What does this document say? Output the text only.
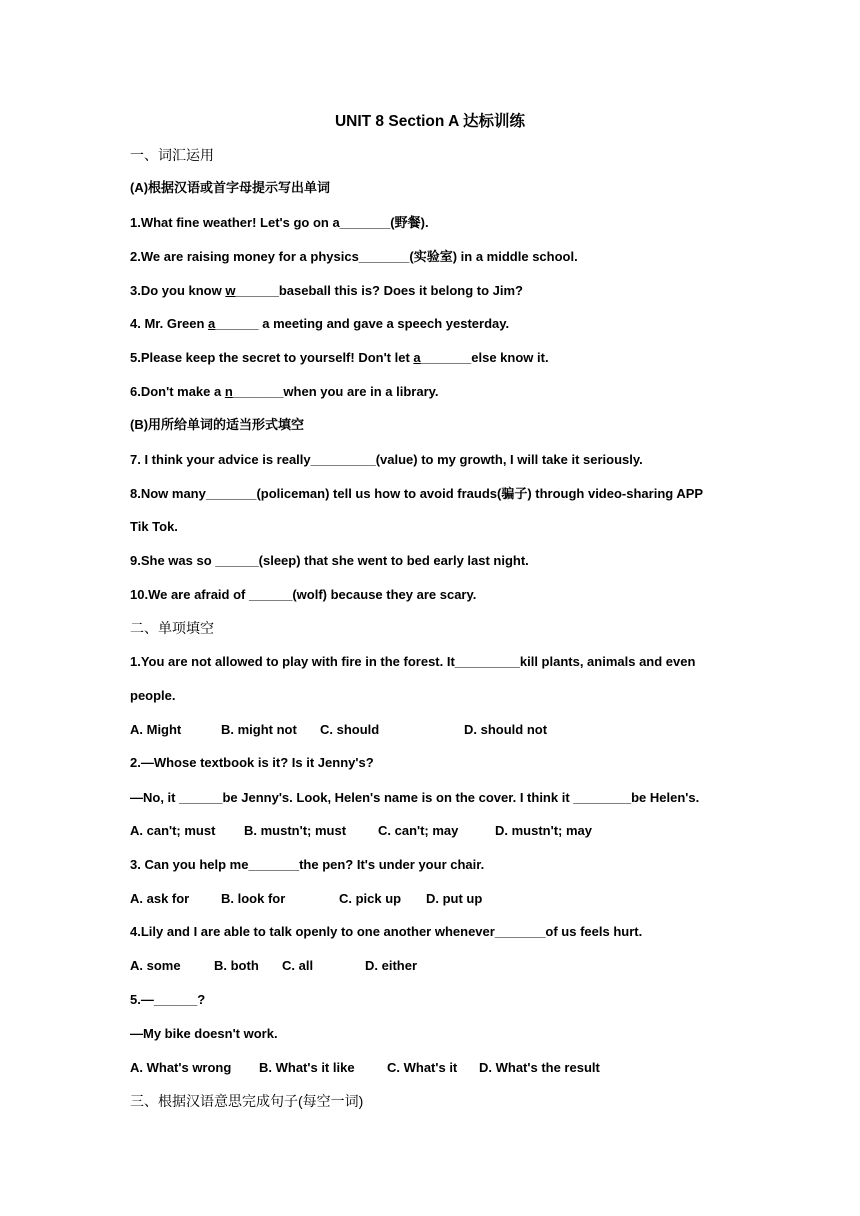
UNIT 8 Section A 达标训练
一、词汇运用
(A)根据汉语或首字母提示写出单词
1.What fine weather! Let's go on a_______(野餐).
2.We are raising money for a physics_______(实验室) in a middle school.
3.Do you know w______baseball this is? Does it belong to Jim?
4. Mr. Green a______ a meeting and gave a speech yesterday.
5.Please keep the secret to yourself! Don't let a_______else know it.
6.Don't make a n_______when you are in a library.
(B)用所给单词的适当形式填空
7. I think your advice is really_________(value) to my growth, I will take it seriously.
8.Now many_______(policeman) tell us how to avoid frauds(骗子) through video-sharing APP
Tik Tok.
9.She was so ______(sleep) that she went to bed early last night.
10.We are afraid of ______(wolf) because they are scary.
二、单项填空
1.You are not allowed to play with fire in the forest. It_________kill plants, animals and even
people.
A. Might	B. might not C. should	D. should not
2.—Whose textbook is it? Is it Jenny's?
—No, it ______be Jenny's. Look, Helen's name is on the cover. I think it ________be Helen's.
A. can't; must B. mustn't; must C. can't; may	D. mustn't; may
3. Can you help me_______the pen? It's under your chair.
A. ask for B. look for	C. pick up D. put up
4.Lily and I are able to talk openly to one another whenever_______of us feels hurt.
A. some	B. both C. all	D. either
5.—______?
—My bike doesn't work.
A. What's wrong B. What's it like C. What's it D. What's the result
三、根据汉语意思完成句子(每空一词)
